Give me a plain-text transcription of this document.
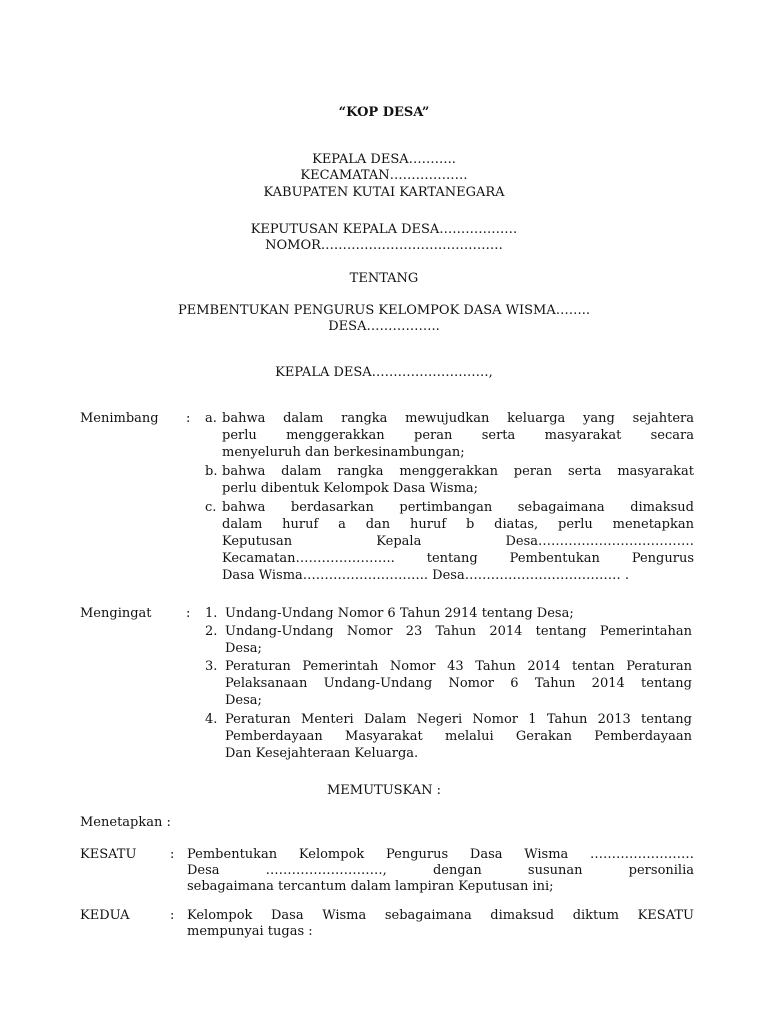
“KOP DESA”
KEPALA DESA………..
KECAMATAN………………
KABUPATEN KUTAI KARTANEGARA
KEPUTUSAN KEPALA DESA………………
NOMOR……………………………………
TENTANG
PEMBENTUKAN PENGURUS KELOMPOK DASA WISMA……..
DESA……………..
KEPALA DESA………………………,
Menimbang : a. bahwa dalam rangka mewujudkan keluarga yang sejahtera
perlu menggerakkan peran serta masyarakat secara
menyeluruh dan berkesinambungan;
b. bahwa dalam rangka menggerakkan peran serta masyarakat
perlu dibentuk Kelompok Dasa Wisma;
c. bahwa berdasarkan pertimbangan sebagaimana dimaksud
dalam huruf a dan huruf b diatas, perlu menetapkan
Keputusan Kepala Desa………………………………
Kecamatan………………….. tentang Pembentukan Pengurus
Dasa Wisma……………………….. Desa……………………………… .
Mengingat	: 1. Undang-Undang Nomor 6 Tahun 2914 tentang Desa;
2. Undang-Undang Nomor 23 Tahun 2014 tentang Pemerintahan
Desa;
3. Peraturan Pemerintah Nomor 43 Tahun 2014 tentan Peraturan
Pelaksanaan Undang-Undang Nomor 6 Tahun 2014 tentang
Desa;
4. Peraturan Menteri Dalam Negeri Nomor 1 Tahun 2013 tentang
Pemberdayaan Masyarakat melalui Gerakan Pemberdayaan
Dan Kesejahteraan Keluarga.
MEMUTUSKAN :
Menetapkan :
KESATU	: Pembentukan Kelompok Pengurus Dasa Wisma ……………………
Desa ………………………, dengan susunan personilia
sebagaimana tercantum dalam lampiran Keputusan ini;
KEDUA	: Kelompok Dasa Wisma sebagaimana dimaksud diktum KESATU
mempunyai tugas :
